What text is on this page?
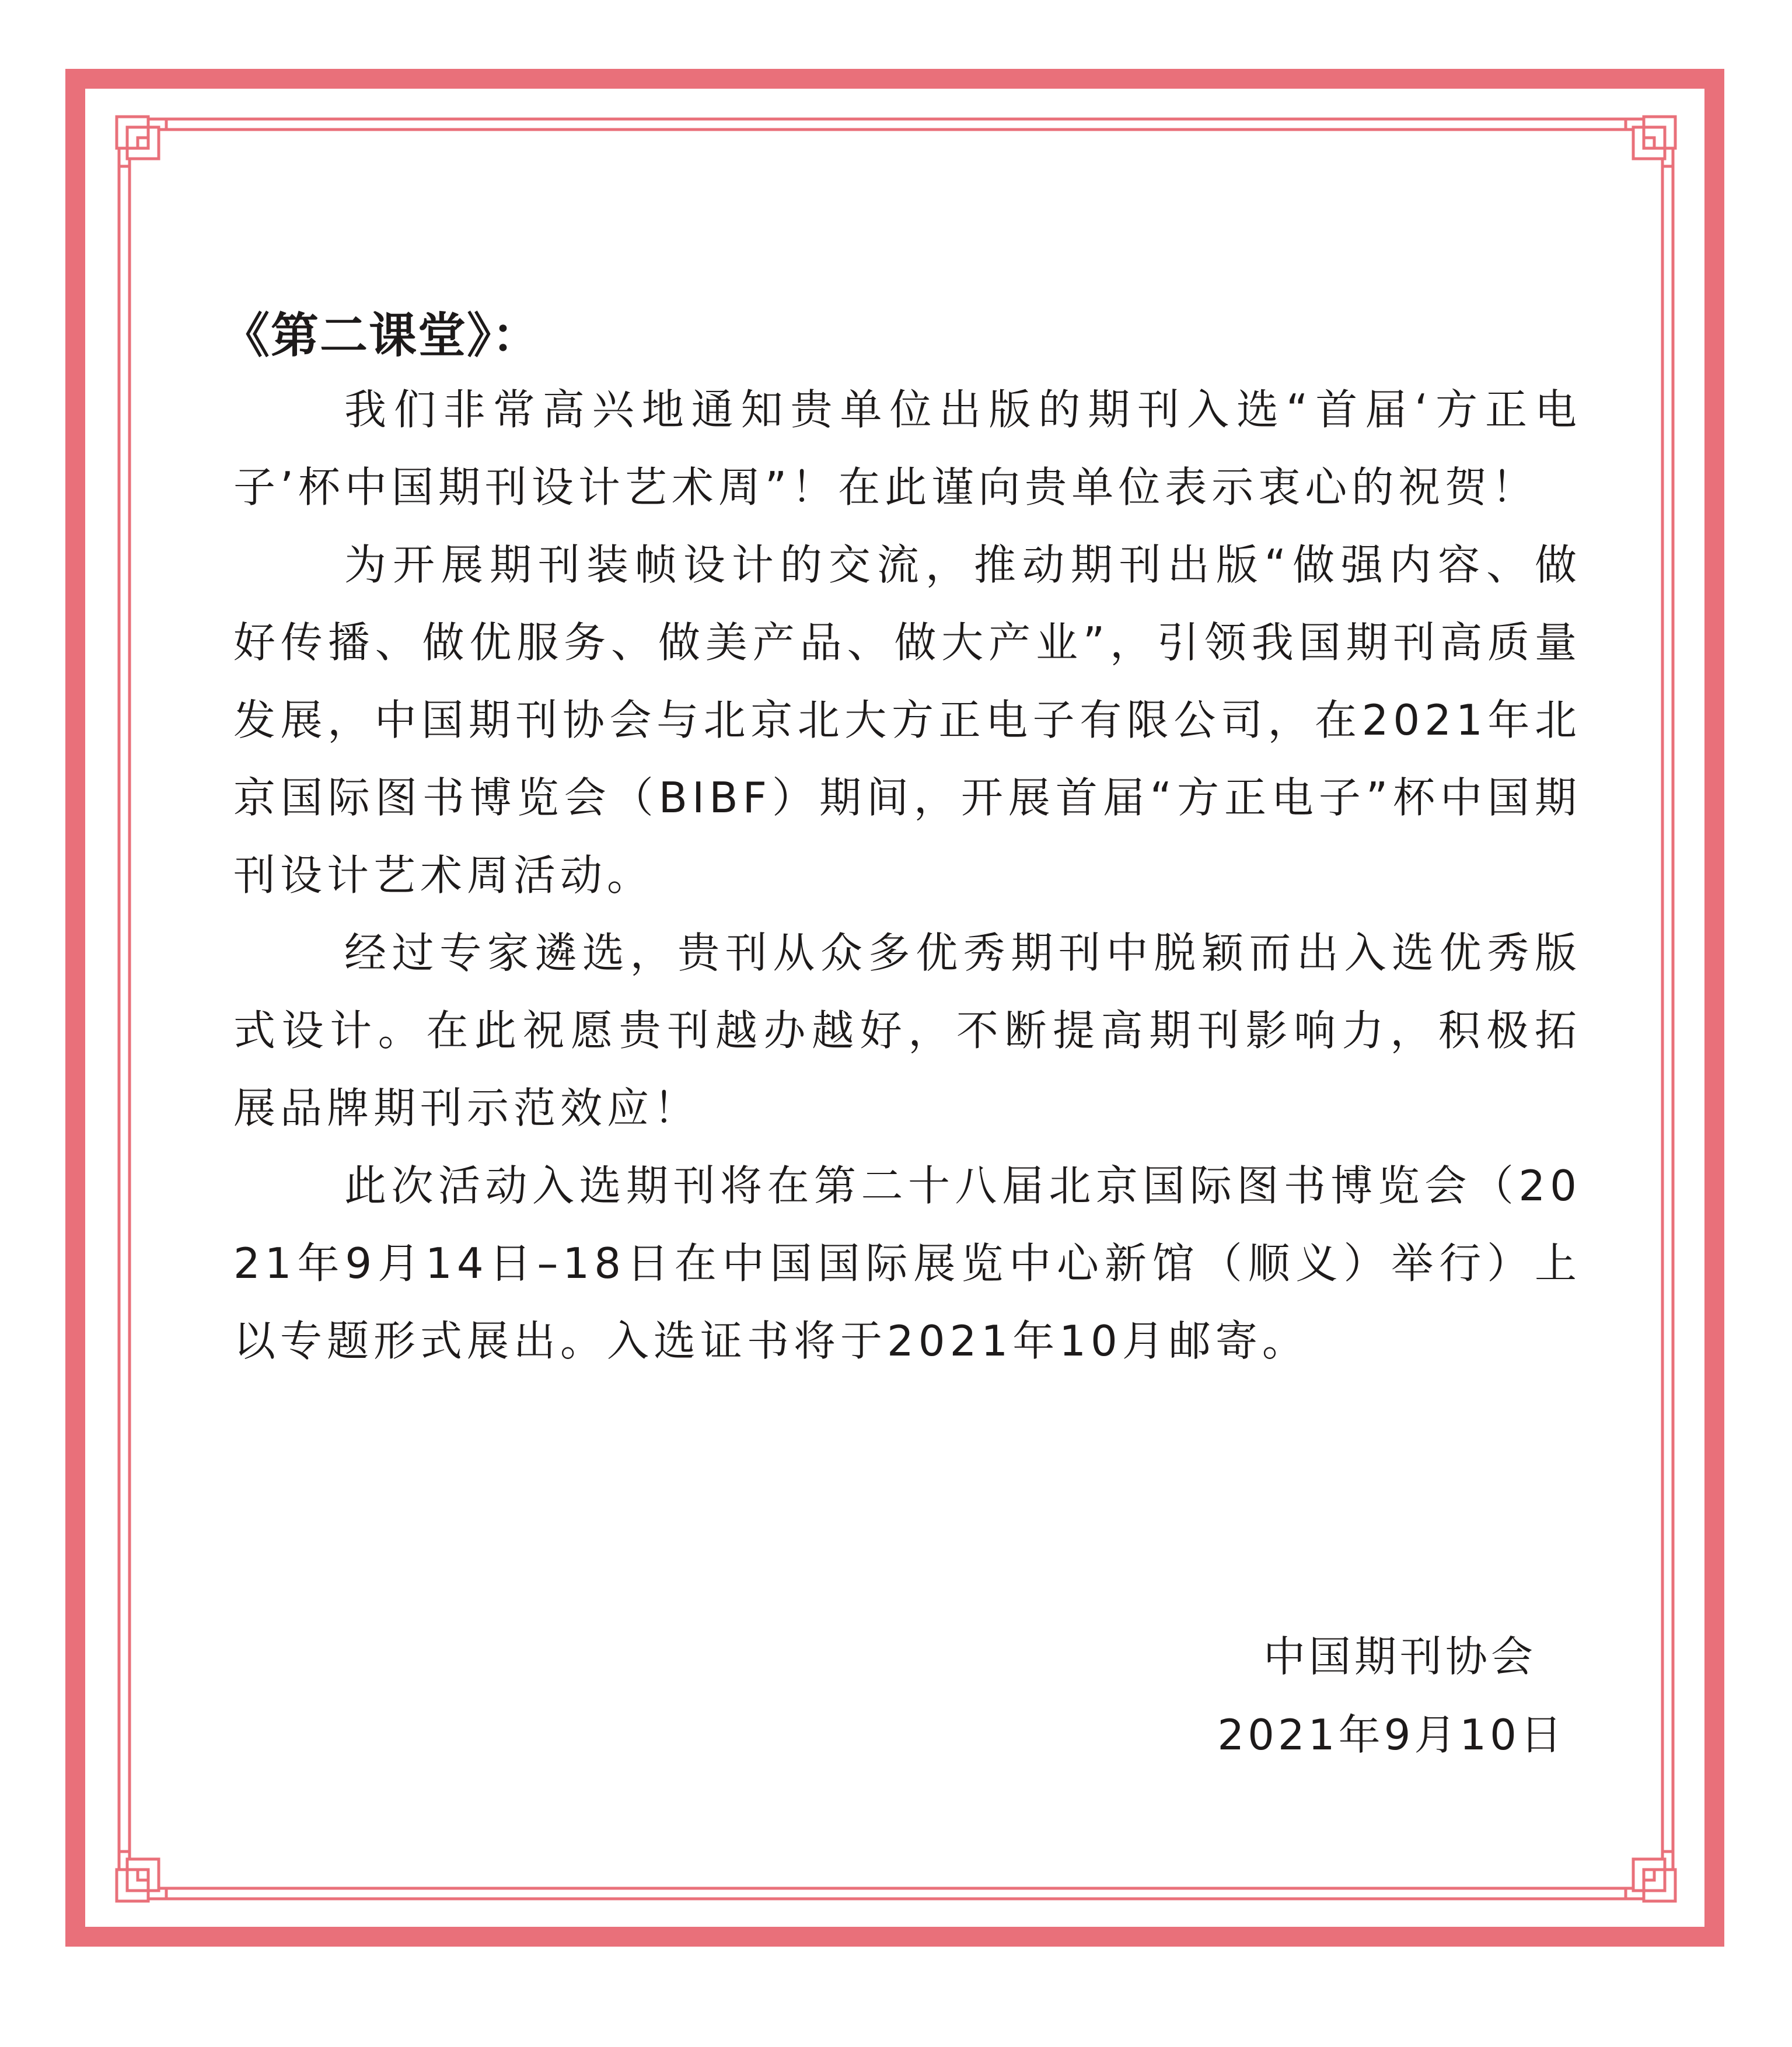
《第二课堂》：

我们非常高兴地通知贵单位出版的期刊入选“首届‘方正电子’杯中国期刊设计艺术周”！在此谨向贵单位表示衷心的祝贺！

为开展期刊装帧设计的交流，推动期刊出版“做强内容、做好传播、做优服务、做美产品、做大产业”，引领我国期刊高质量发展，中国期刊协会与北京北大方正电子有限公司，在2021年北京国际图书博览会（BIBF）期间，开展首届“方正电子”杯中国期刊设计艺术周活动。

经过专家遴选，贵刊从众多优秀期刊中脱颖而出入选优秀版式设计。在此祝愿贵刊越办越好，不断提高期刊影响力，积极拓展品牌期刊示范效应！

此次活动入选期刊将在第二十八届北京国际图书博览会（2021年9月14日–18日在中国国际展览中心新馆（顺义）举行）上以专题形式展出。入选证书将于2021年10月邮寄。

中国期刊协会
2021年9月10日
